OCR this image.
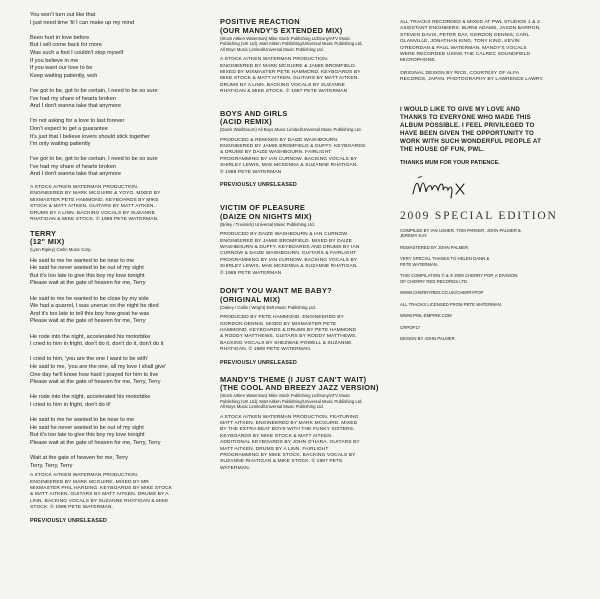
You won't turn out like that
I just need time 'til I can make up my mind

Been hurt in love before
But I will come back for more
Was such a fool I couldn't stop myself
If you believe in me
If you want our love to be
Keep waiting patiently, woh

I've got to be, got to be certain, I need to be so sure
I've had my share of hearts broken
And I don't wanna take that anymore

I'm not asking for a love to last forever
Don't expect to get a guarantee
It's just that I believe lovers should stick together
I'm only waiting patiently

I've got to be, got to be certain, I need to be so sure
I've had my share of hearts broken
And I don't wanna take that anymore

A STOCK AITKEN WATERMAN PRODUCTION.
ENGINEERED BY MARK MCGUIRE & YOYO. MIXED BY
MIXMASTER PETE HAMMOND. KEYBOARDS BY MIKE
STOCK & MATT AITKEN. GUITARS BY MATT AITKEN.
DRUMS BY A LINN. BACKING VOCALS BY SUZANNE
RHATIGAN & MIKE STOCK. © 1988 PETE WATERMAN.

TERRY
(12" MIX)

(Lynn Ripley) Carlin Music Corp.

He said to me he wanted to be near to me
He said he never wanted to be out of my sight
But it's too late to give this boy my love tonight
Please wait at the gate of heaven for me, Terry

He said to me he wanted to be close by my side
We had a quarrel, I was unerue on the night he died
And it's too late to tell this boy how great he was
Please wait at the gate of heaven for me, Terry

He rode into the night, accelerated his motorbike
I cried to him in fright, don't do it, don't do it, don't do it

I cried to him, 'you are the one I want to be with'
He said to me, 'you are the one, all my love I shall give'
One day he'll know how hard I prayed for him to live
Please wait at the gate of heaven for me, Terry, Terry

He rode into the night, accelerated his motorbike
I cried to him in fright, don't do it!

He said to me he wanted to be near to me
He said he never wanted to be out of my sight
But it's too late to give this boy my love tonight
Please wait at the gate of heaven for me, Terry, Terry

Wait at the gate of heaven for me, Terry
Terry, Terry, Terry

A STOCK AITKEN WATERMAN PRODUCTION.
ENGINEERED BY MARK MCGUIRE. MIXED BY MR
MIXMASTER PHIL HARDING. KEYBOARDS BY MIKE STOCK
& MATT AITKEN. GUITARS BY MATT AITKEN. DRUMS BY A
LINN. BACKING VOCALS BY SUZANNE RHATIGAN & MIKE
STOCK. © 1986 PETE WATERMAN.

PREVIOUSLY UNRELEASED

POSITIVE REACTION
(OUR MANDY'S EXTENDED MIX)

(Stock Aitken Waterman) Mike Stock Publishing Ltd/Sony/ATV Music
Publishing (UK Ltd), Matt Aitken Publishing/Universal Music Publishing Ltd,
All Boys Music Limited/Universal Music Publishing Ltd.

A STOCK AITKEN WATERMAN PRODUCTION.
ENGINEERED BY MARK MCGUIRE & JAMIE BROMFIELD.
MIXED BY MIXMASTER PETE HAMMOND. KEYBOARDS BY
MIKE STOCK & MATT AITKEN. GUITARS BY MATT AITKEN.
DRUMS BY A LINN. BACKING VOCALS BY SUZANNE
RHATIGAN & MIKE STOCK. © 1987 PETE WATERMAN

BOYS AND GIRLS
(ACID REMIX)

(Daize Washbourn) All Boys Music Limited/Universal Music Publishing Ltd.

PRODUCED & REMIXED BY DAIZE WASHBOURN.
ENGINEERED BY JAMIE BROMFIELD & DUFFY. KEYBOARDS
& DRUMS BY DAIZE WASHBOURN. FAIRLIGHT
PROGRAMMING BY IAN CURNOW. BACKING VOCALS BY
SHIRLEY LEWIS, MAE MCKENNA & SUZANNE RHATIGAN.
© 1988 PETE WATERMAN

PREVIOUSLY UNRELEASED

VICTIM OF PLEASURE
(DAIZE ON NIGHTS MIX)

(Briley / Trevisick) Universal Music Publishing Ltd.

PRODUCED BY DAIZE WASHBOURN & IAN CURNOW.
ENGINEERED BY JAMIE BROMFIELD. MIXED BY DAIZE
WASHBOURN & DUFFY. KEYBOARDS AND DRUMS BY IAN
CURNOW & DAIZE WASHBOURN. GUITARS & FAIRLIGHT
PROGRAMMING BY IAN CURNOW. BACKING VOCALS BY
SHIRLEY LEWIS, MAE MCKENNA & SUZANNE RHATIGAN.
© 1988 PETE WATERMAN

DON'T YOU WANT ME BABY?
(ORIGINAL MIX)

(Oakey / Callis / Wright) EMI Music Publishing Ltd.

PRODUCED BY PETE HAMMOND. ENGINEERED BY
GORDON DENNIS. MIXED BY MIXMASTER PETE
HAMMOND. KEYBOARDS & DRUMS BY PETE HAMMOND
& RODDY MATTHEWS. GUITARS BY RODDY MATTHEWS.
BACKING VOCALS BY SHEZWAE POWELL & SUZANNE
RHATIGAN. © 1989 PETE WATERMAN.

PREVIOUSLY UNRELEASED

MANDY'S THEME (I JUST CAN'T WAIT)
(THE COOL AND BREEZY JAZZ VERSION)

(Stock Aitken Waterman) Mike Stock Publishing Ltd/Sony/ATV Music
Publishing (UK Ltd), Matt Aitken Publishing/Universal Music Publishing Ltd,
All Boys Music Limited/Universal Music Publishing Ltd.

A STOCK AITKEN WATERMAN PRODUCTION. FEATURING
MATT AITKEN. ENGINEERED BY MARK MCGUIRE. MIXED
BY THE EXTRA BEAT BOYS WITH THE FUNKY SISTERS.
KEYBOARDS BY MIKE STOCK & MATT AITKEN.
ADDITIONAL KEYBOARDS BY JOHN O'HARA. GUITARS BY
MATT AITKEN. DRUMS BY A LINN. FAIRLIGHT
PROGRAMMING BY MIKE STOCK. BACKING VOCALS BY
SUZANNE RHATIGAN & MIKE STOCK. © 1987 PETE
WATERMAN.

ALL TRACKS RECORDED & MIXED AT PWL STUDIOS 1 & 2.
ASSISTANT ENGINEERS: BURNI ADAMS, JASON BARRON,
STEVEN DAVIS, PETER DAY, GORDON DENNIS, CARL
GLANVILLE, JONATHAN KING, TONY KING, KEVIN
O'REORDAN & PAUL WATERMAN. MANDY'S VOCALS
WERE RECORDED USING THE CALREC SOUNDFIELD
MICROPHONE.

ORIGINAL DESIGN BY RICE, COURTESY OF ALFA
RECORDS, JAPAN. PHOTOGRAPHY BY LAWRENCE LAWRY.

I WOULD LIKE TO GIVE MY LOVE AND
THANKS TO EVERYONE WHO MADE THIS
ALBUM POSSIBLE. I FEEL PRIVILEGED TO
HAVE BEEN GIVEN THE OPPORTUNITY TO
WORK WITH SUCH WONDERFUL PEOPLE AT
THE HOUSE OF FUN, PWL.

THANKS MUM FOR YOUR PATIENCE.

2009 SPECIAL EDITION

COMPILED BY IAN USHER, TOM PARKER, JOHN PALMER &
JEREMY KAY.

REMASTERED BY JOHN PALMER.

VERY SPECIAL THANKS TO HELEN DANN &
PETE WATERMAN.

THIS COMPILATION © & ℗ 2009 CHERRY POP, A DIVISION
OF CHERRY RED RECORDS LTD.

WWW.CHERRYRED.CO.UK/CHERRYPOP

ALL TRACKS LICENSED FROM PETE WATERMAN.

WWW.PWL-EMPIRE.COM

CRPOP17

DESIGN BY JOHN PALMER
